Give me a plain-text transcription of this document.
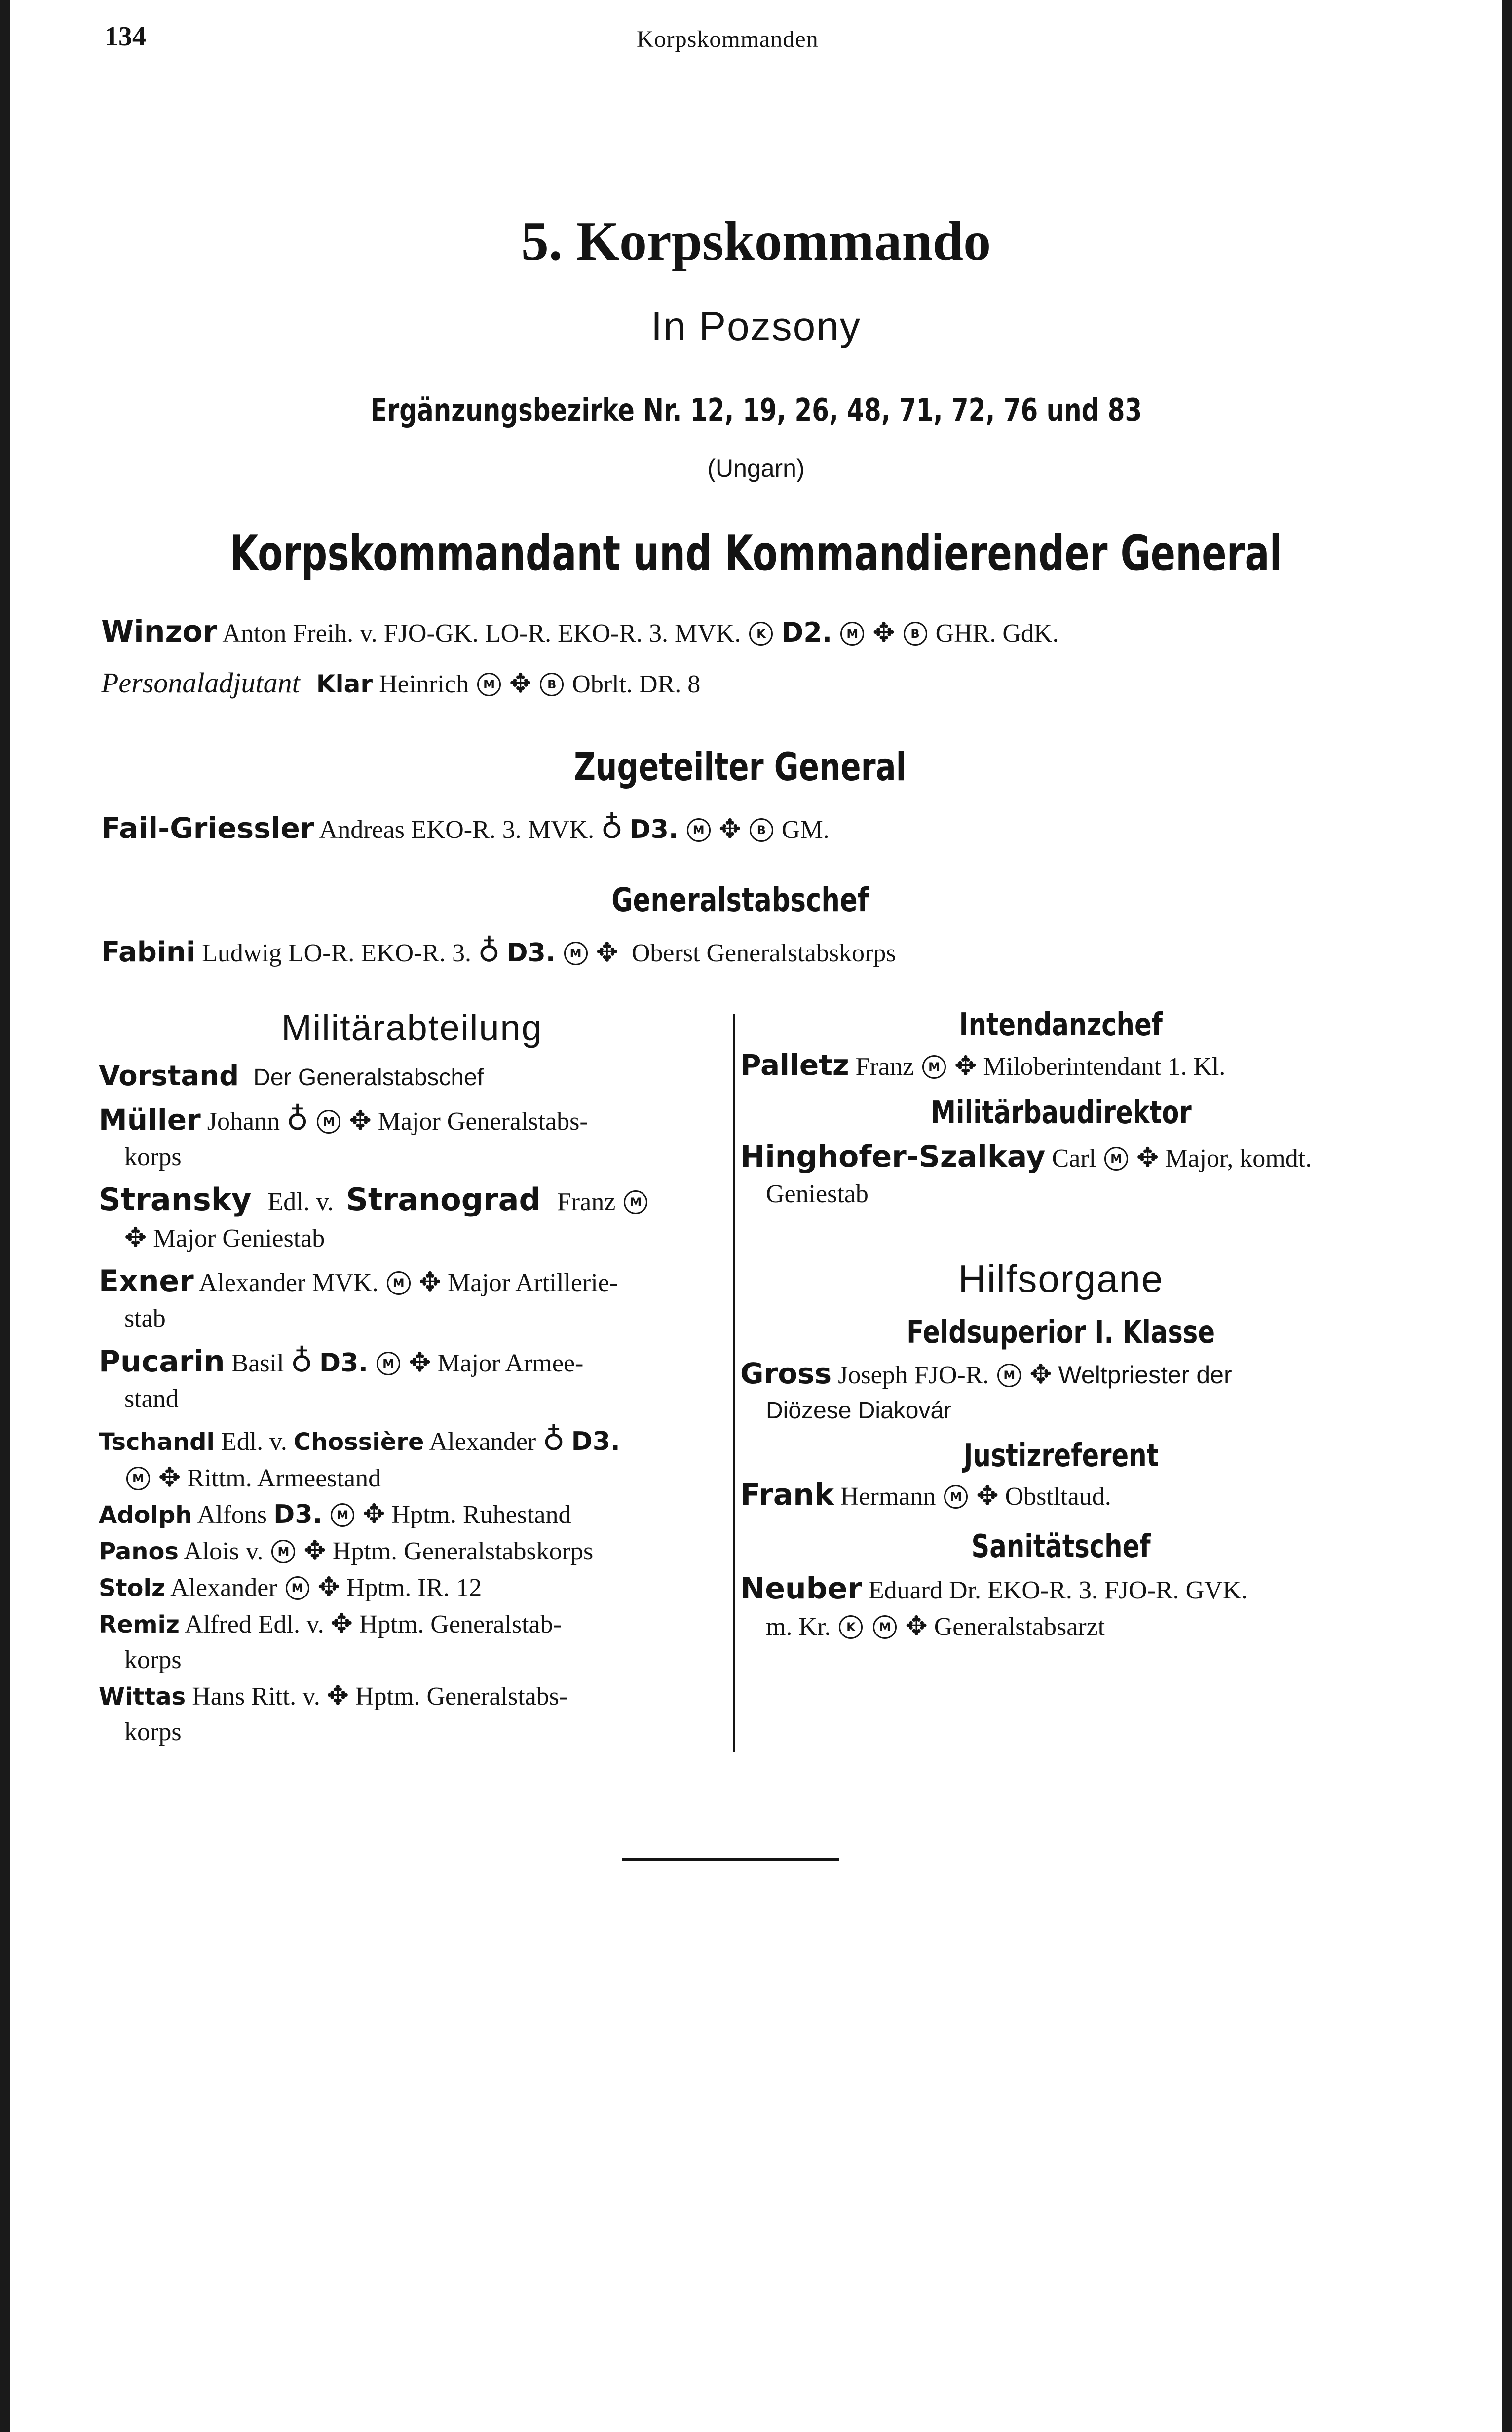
134	Korpskommanden
5. Korpskommando
In Pozsony
Ergänzungsbezirke Nr. 12, 19, 26, 48, 71, 72, 76 und 83
(Ungarn)
Korpskommandant und Kommandierender General
Winzor Anton Freih. v. FJO-GK. LO-R. EKO-R. 3. MVK. K D2. M ✥ B GHR. GdK.
Personaladjutant Klar Heinrich M ✥ B Obrlt. DR. 8
Zugeteilter General
Fail-Griessler Andreas EKO-R. 3. MVK. ♁ D3. M ✥ B GM.
Generalstabschef
Fabini Ludwig LO-R. EKO-R. 3. ♁ D3. M ✥ Oberst Generalstabskorps
Militärabteilung
Vorstand Der Generalstabschef
Müller Johann ♁ M ✥ Major Generalstabs-
korps
Stransky Edl. v. Stranograd Franz M
✥ Major Geniestab
Exner Alexander MVK. M ✥ Major Artillerie-
stab
Pucarin Basil ♁ D3. M ✥ Major Armee-
stand
Tschandl Edl. v. Chossière Alexander ♁ D3.
M ✥ Rittm. Armeestand
Adolph Alfons D3. M ✥ Hptm. Ruhestand
Panos Alois v. M ✥ Hptm. Generalstabskorps
Stolz Alexander M ✥ Hptm. IR. 12
Remiz Alfred Edl. v. ✥ Hptm. Generalstab-
korps
Wittas Hans Ritt. v. ✥ Hptm. Generalstabs-
korps
Intendanzchef
Palletz Franz M ✥ Miloberintendant 1. Kl.
Militärbaudirektor
Hinghofer-Szalkay Carl M ✥ Major, komdt.
Geniestab
Hilfsorgane
Feldsuperior I. Klasse
Gross Joseph FJO-R. M ✥ Weltpriester der
Diözese Diakovár
Justizreferent
Frank Hermann M ✥ Obstltaud.
Sanitätschef
Neuber Eduard Dr. EKO-R. 3. FJO-R. GVK.
m. Kr. K M ✥ Generalstabsarzt
